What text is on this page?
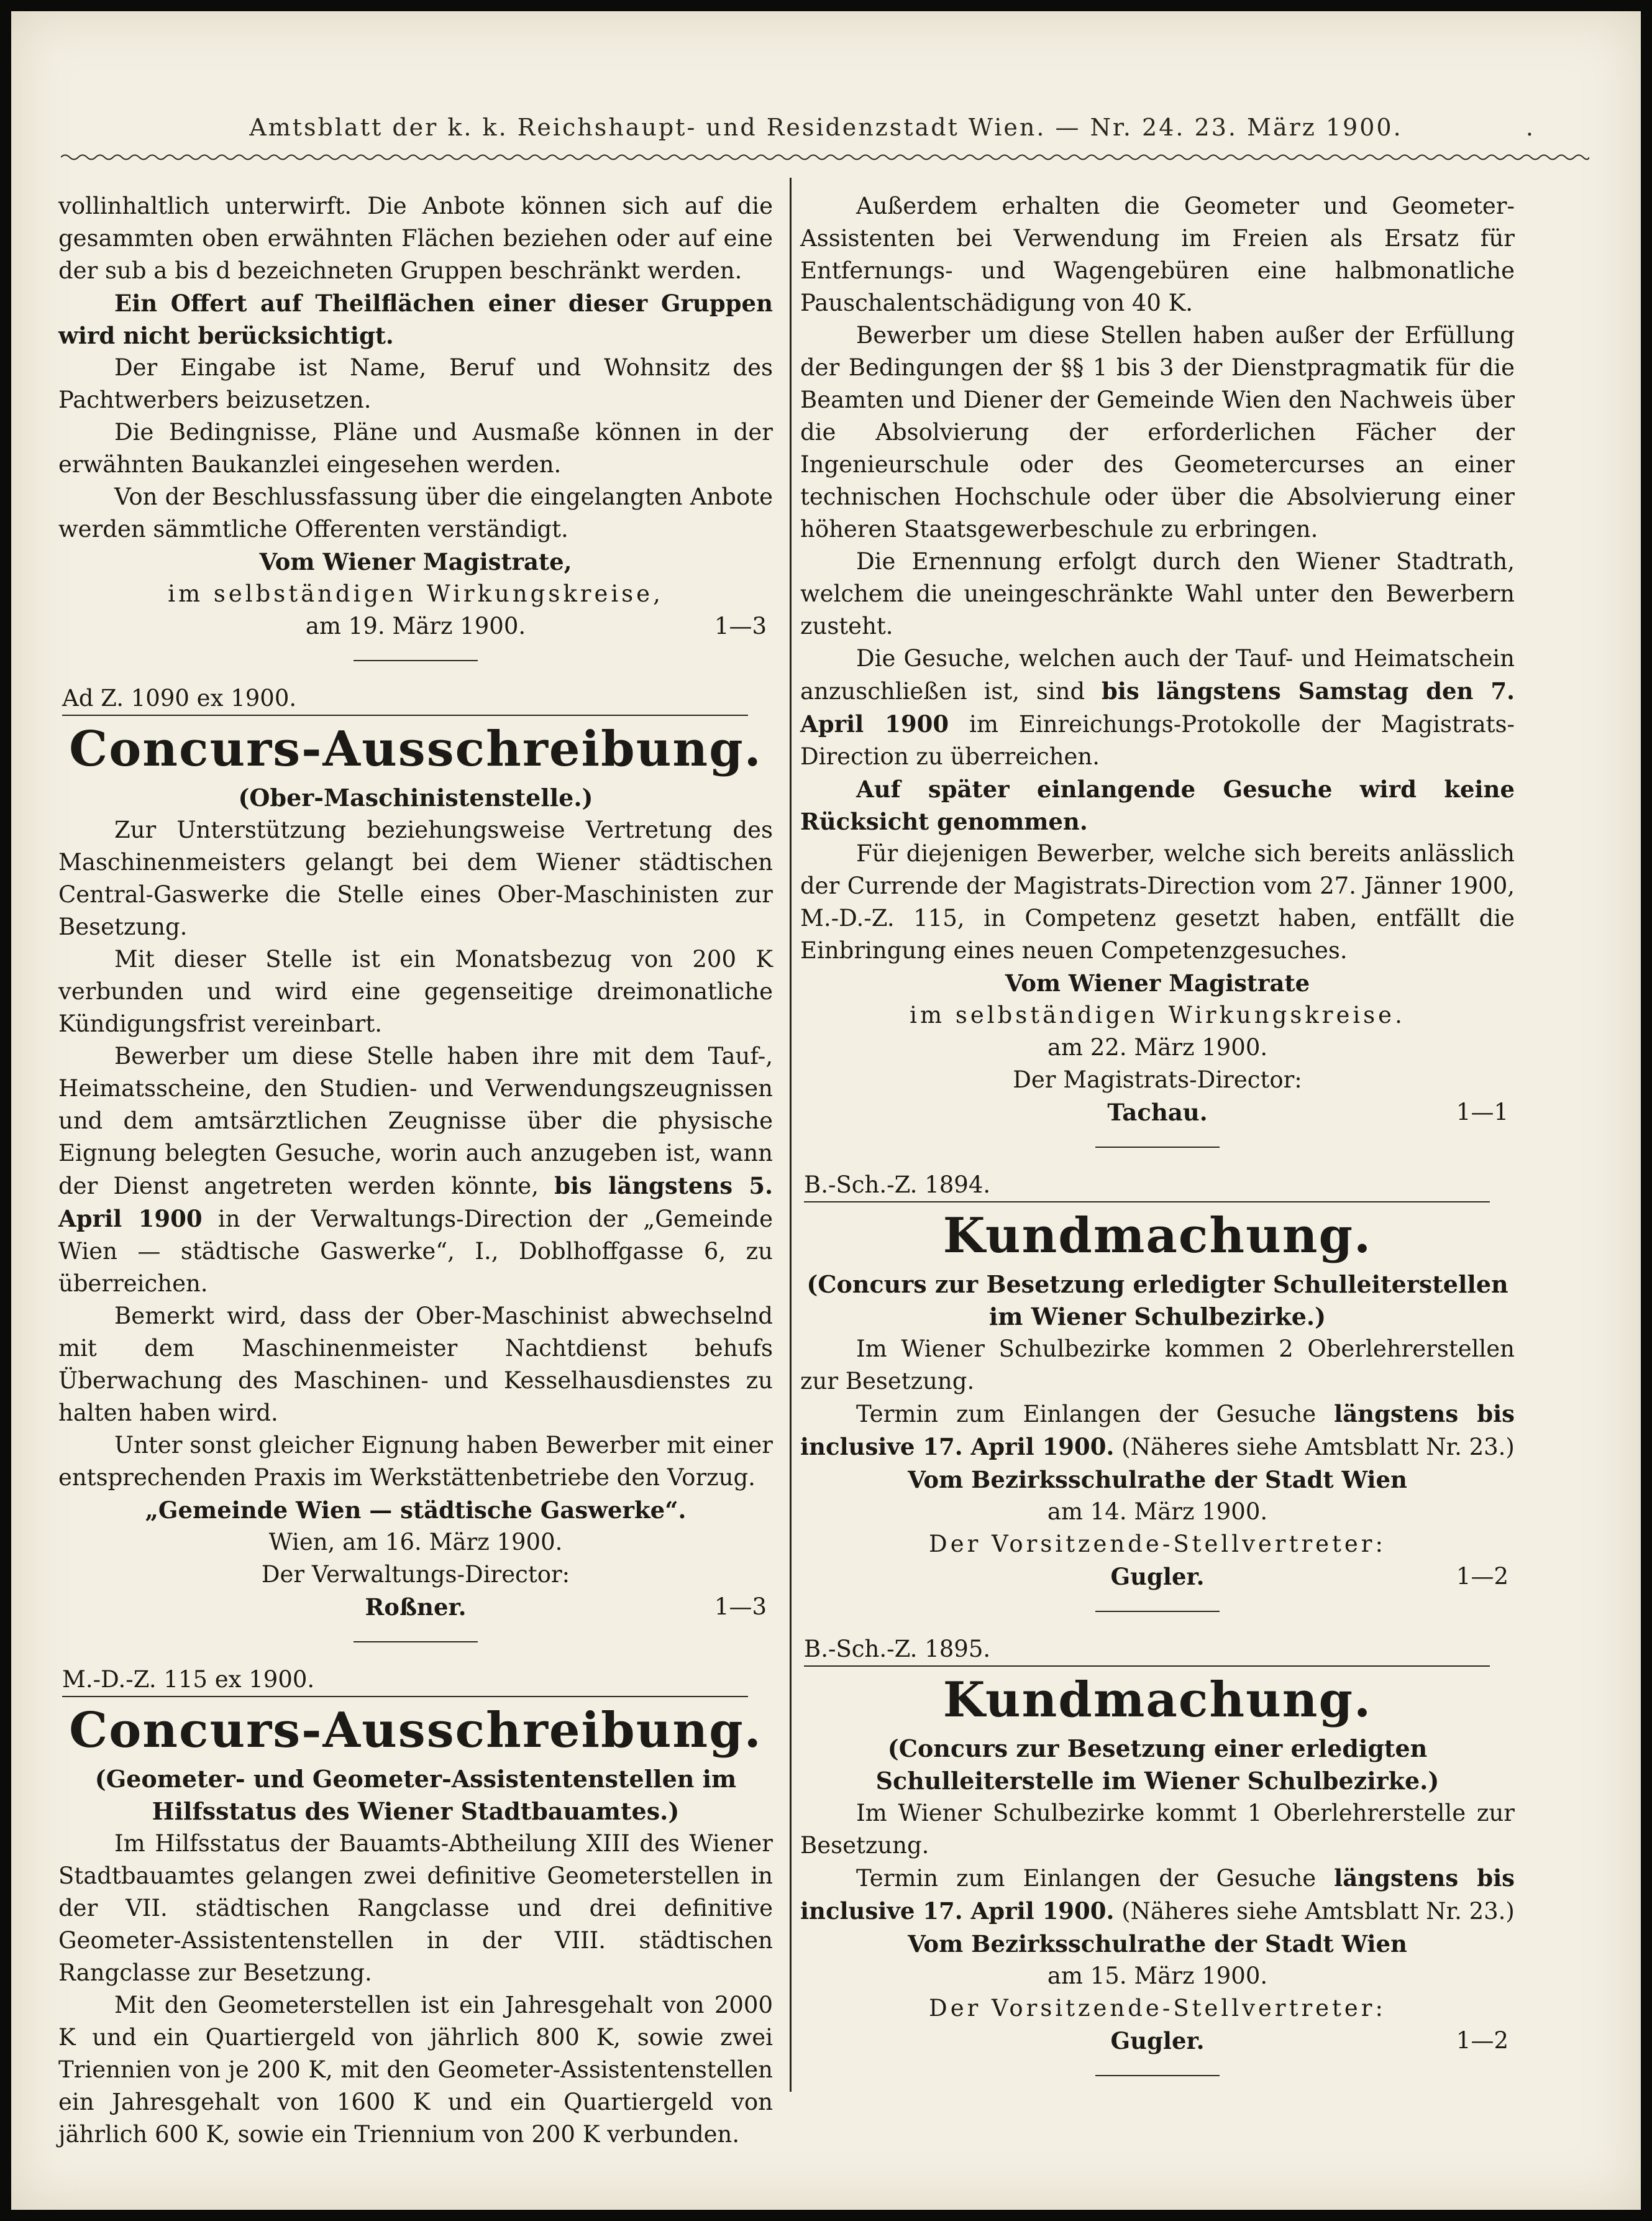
Amtsblatt der k. k. Reichshaupt- und Residenzstadt Wien. — Nr. 24. 23. März 1900.	.

vollinhaltlich unterwirft. Die Anbote können sich auf die gesammten oben erwähnten Flächen beziehen oder auf eine der sub a bis d bezeichneten Gruppen beschränkt werden.

Ein Offert auf Theilflächen einer dieser Gruppen wird nicht berücksichtigt.

Der Eingabe ist Name, Beruf und Wohnsitz des Pachtwerbers beizusetzen.

Die Bedingnisse, Pläne und Ausmaße können in der erwähnten Baukanzlei eingesehen werden.

Von der Beschlussfassung über die eingelangten Anbote werden sämmtliche Offerenten verständigt.

Vom Wiener Magistrate,
im selbständigen Wirkungskreise,
am 19. März 1900.	1—3
Ad Z. 1090 ex 1900.
Concurs-Ausschreibung.
(Ober-Maschinistenstelle.)

Zur Unterstützung beziehungsweise Vertretung des Maschinenmeisters gelangt bei dem Wiener städtischen Central-Gaswerke die Stelle eines Ober-Maschinisten zur Besetzung.

Mit dieser Stelle ist ein Monatsbezug von 200 K verbunden und wird eine gegenseitige dreimonatliche Kündigungsfrist vereinbart.

Bewerber um diese Stelle haben ihre mit dem Tauf-, Heimatsscheine, den Studien- und Verwendungszeugnissen und dem amtsärztlichen Zeugnisse über die physische Eignung belegten Gesuche, worin auch anzugeben ist, wann der Dienst angetreten werden könnte, bis längstens 5. April 1900 in der Verwaltungs-Direction der „Gemeinde Wien — städtische Gaswerke“, I., Doblhoffgasse 6, zu überreichen.

Bemerkt wird, dass der Ober-Maschinist abwechselnd mit dem Maschinenmeister Nachtdienst behufs Überwachung des Maschinen- und Kesselhausdienstes zu halten haben wird.

Unter sonst gleicher Eignung haben Bewerber mit einer entsprechenden Praxis im Werkstättenbetriebe den Vorzug.

„Gemeinde Wien — städtische Gaswerke“.
Wien, am 16. März 1900.
Der Verwaltungs-Director:
Roßner.	1—3
M.-D.-Z. 115 ex 1900.
Concurs-Ausschreibung.
(Geometer- und Geometer-Assistentenstellen im Hilfsstatus des Wiener Stadtbauamtes.)

Im Hilfsstatus der Bauamts-Abtheilung XIII des Wiener Stadtbauamtes gelangen zwei definitive Geometerstellen in der VII. städtischen Rangclasse und drei definitive Geometer-Assistentenstellen in der VIII. städtischen Rangclasse zur Besetzung.

Mit den Geometerstellen ist ein Jahresgehalt von 2000 K und ein Quartiergeld von jährlich 800 K, sowie zwei Triennien von je 200 K, mit den Geometer-Assistentenstellen ein Jahresgehalt von 1600 K und ein Quartiergeld von jährlich 600 K, sowie ein Triennium von 200 K verbunden.

Außerdem erhalten die Geometer und Geometer-Assistenten bei Verwendung im Freien als Ersatz für Entfernungs- und Wagengebüren eine halbmonatliche Pauschalentschädigung von 40 K.

Bewerber um diese Stellen haben außer der Erfüllung der Bedingungen der §§ 1 bis 3 der Dienstpragmatik für die Beamten und Diener der Gemeinde Wien den Nachweis über die Absolvierung der erforderlichen Fächer der Ingenieurschule oder des Geometercurses an einer technischen Hochschule oder über die Absolvierung einer höheren Staatsgewerbeschule zu erbringen.

Die Ernennung erfolgt durch den Wiener Stadtrath, welchem die uneingeschränkte Wahl unter den Bewerbern zusteht.

Die Gesuche, welchen auch der Tauf- und Heimatschein anzuschließen ist, sind bis längstens Samstag den 7. April 1900 im Einreichungs-Protokolle der Magistrats-Direction zu überreichen.

Auf später einlangende Gesuche wird keine Rücksicht genommen.

Für diejenigen Bewerber, welche sich bereits anlässlich der Currende der Magistrats-Direction vom 27. Jänner 1900, M.-D.-Z. 115, in Competenz gesetzt haben, entfällt die Einbringung eines neuen Competenzgesuches.

Vom Wiener Magistrate
im selbständigen Wirkungskreise.
am 22. März 1900.
Der Magistrats-Director:
Tachau.	1—1
B.-Sch.-Z. 1894.
Kundmachung.
(Concurs zur Besetzung erledigter Schulleiterstellen im Wiener Schulbezirke.)

Im Wiener Schulbezirke kommen 2 Oberlehrerstellen zur Besetzung.

Termin zum Einlangen der Gesuche längstens bis inclusive 17. April 1900. (Näheres siehe Amtsblatt Nr. 23.)

Vom Bezirksschulrathe der Stadt Wien
am 14. März 1900.
Der Vorsitzende-Stellvertreter:
Gugler.	1—2
B.-Sch.-Z. 1895.
Kundmachung.
(Concurs zur Besetzung einer erledigten Schulleiterstelle im Wiener Schulbezirke.)

Im Wiener Schulbezirke kommt 1 Oberlehrerstelle zur Besetzung.

Termin zum Einlangen der Gesuche längstens bis inclusive 17. April 1900. (Näheres siehe Amtsblatt Nr. 23.)

Vom Bezirksschulrathe der Stadt Wien
am 15. März 1900.
Der Vorsitzende-Stellvertreter:
Gugler.	1—2
